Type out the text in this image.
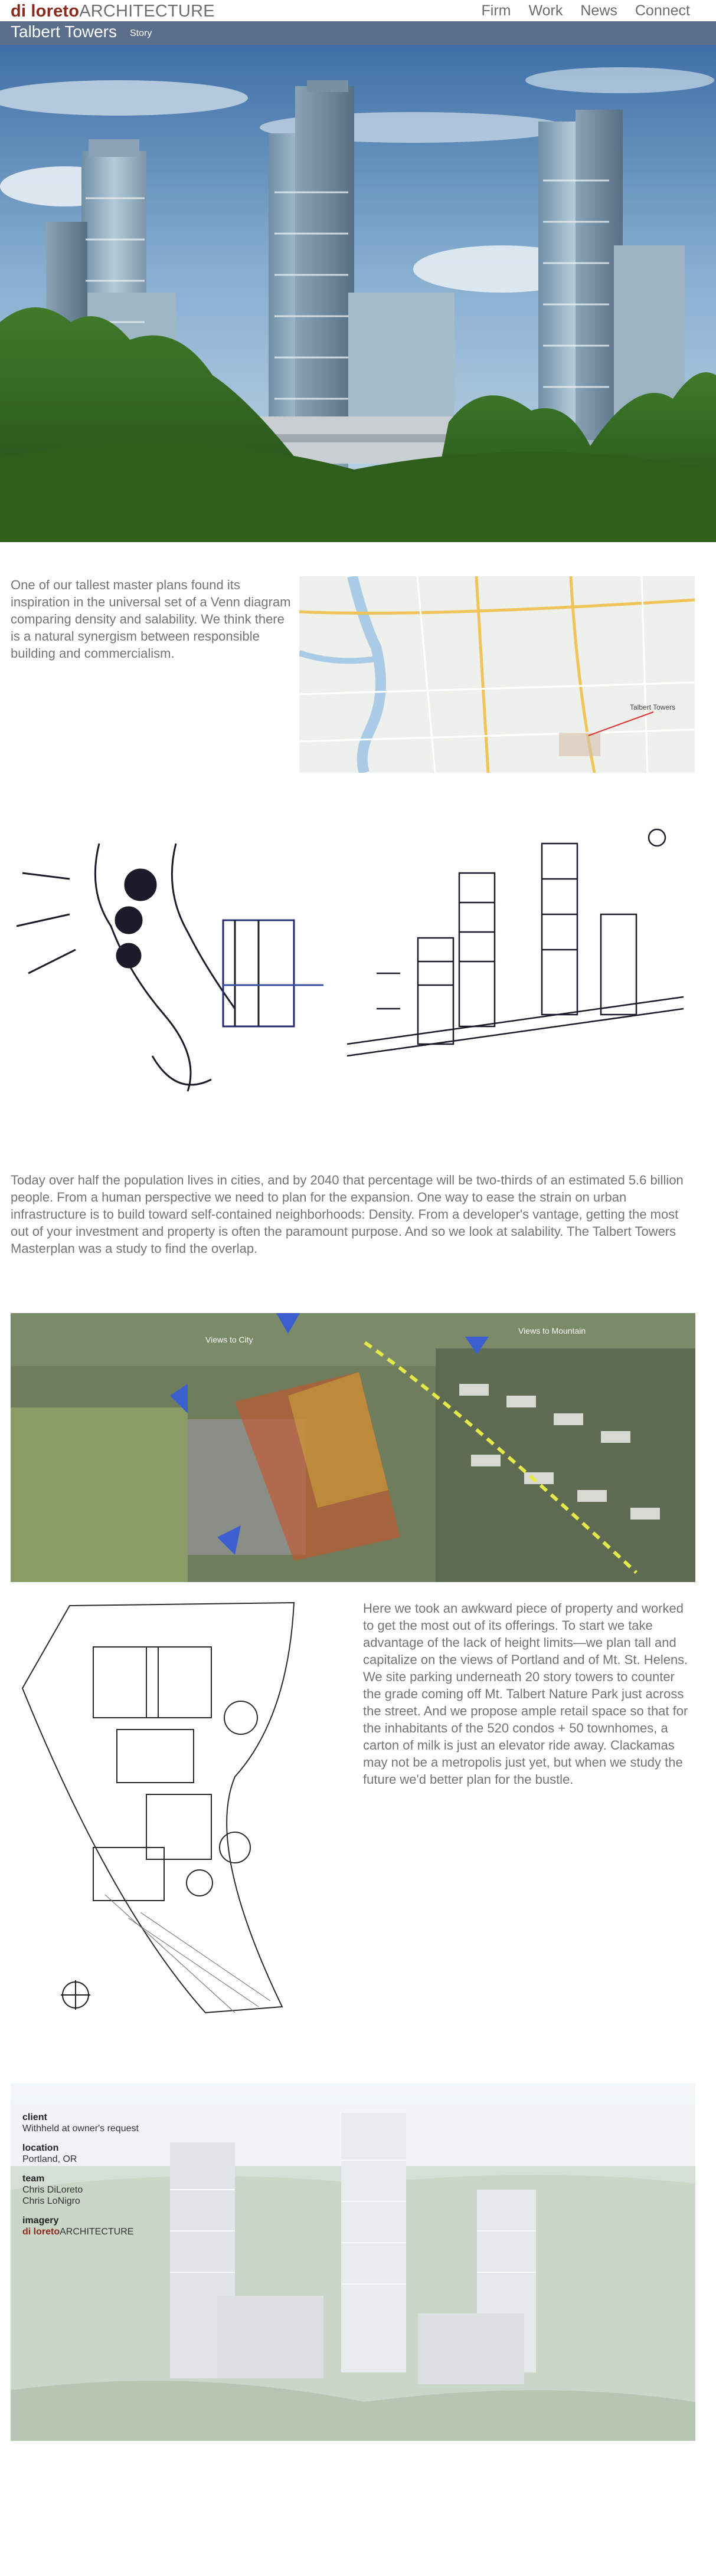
di loretoARCHITECTURE	Firm Work News Connect
Talbert Towers Story

One of our tallest master plans found its inspiration in the universal set of a Venn diagram comparing density and salability. We think there is a natural synergism between responsible building and commercialism.

Talbert Towers

Today over half the population lives in cities, and by 2040 that percentage will be two-thirds of an estimated 5.6 billion people. From a human perspective we need to plan for the expansion. One way to ease the strain on urban infrastructure is to build toward self-contained neighborhoods: Density. From a developer's vantage, getting the most out of your investment and property is often the paramount purpose. And so we look at salability. The Talbert Towers Masterplan was a study to find the overlap.

Views to City
Views to Mountain

Here we took an awkward piece of property and worked to get the most out of its offerings. To start we take advantage of the lack of height limits—we plan tall and capitalize on the views of Portland and of Mt. St. Helens. We site parking underneath 20 story towers to counter the grade coming off Mt. Talbert Nature Park just across the street. And we propose ample retail space so that for the inhabitants of the 520 condos + 50 townhomes, a carton of milk is just an elevator ride away. Clackamas may not be a metropolis just yet, but when we study the future we'd better plan for the bustle.

client
Withheld at owner's request
location
Portland, OR
team
Chris DiLoreto
Chris LoNigro
imagery
di loretoARCHITECTURE
